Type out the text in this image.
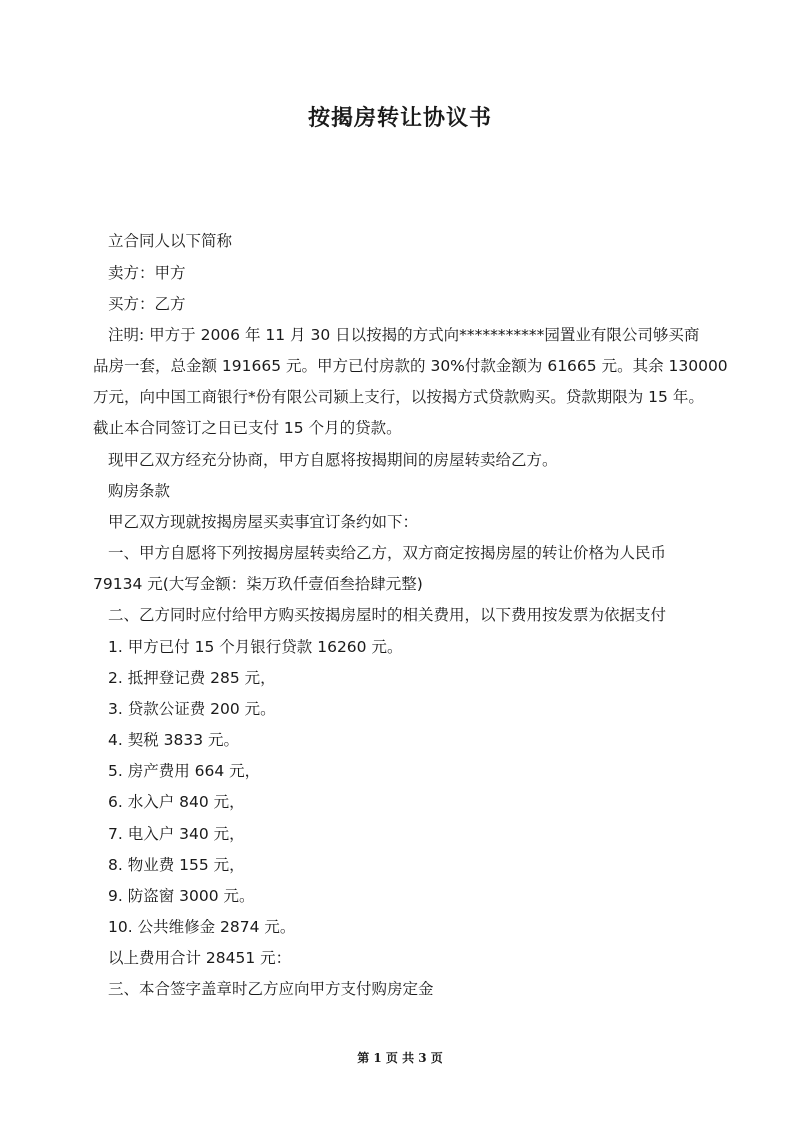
按揭房转让协议书

立合同人以下简称

卖方：甲方

买方：乙方

注明: 甲方于 2006 年 11 月 30 日以按揭的方式向***********园置业有限公司够买商

品房一套，总金额 191665 元。甲方已付房款的 30%付款金额为 61665 元。其余 130000

万元，向中国工商银行*份有限公司颍上支行，以按揭方式贷款购买。贷款期限为 15 年。

截止本合同签订之日已支付 15 个月的贷款。

现甲乙双方经充分协商，甲方自愿将按揭期间的房屋转卖给乙方。

购房条款

甲乙双方现就按揭房屋买卖事宜订条约如下：

一、甲方自愿将下列按揭房屋转卖给乙方，双方商定按揭房屋的转让价格为人民币

79134 元(大写金额：柒万玖仟壹佰叁拾肆元整)

二、乙方同时应付给甲方购买按揭房屋时的相关费用，以下费用按发票为依据支付

1. 甲方已付 15 个月银行贷款 16260 元。

2. 抵押登记费 285 元，

3. 贷款公证费 200 元。

4. 契税 3833 元。

5. 房产费用 664 元，

6. 水入户 840 元，

7. 电入户 340 元，

8. 物业费 155 元，

9. 防盗窗 3000 元。

10. 公共维修金 2874 元。

以上费用合计 28451 元：

三、本合签字盖章时乙方应向甲方支付购房定金

第 1 页 共 3 页
